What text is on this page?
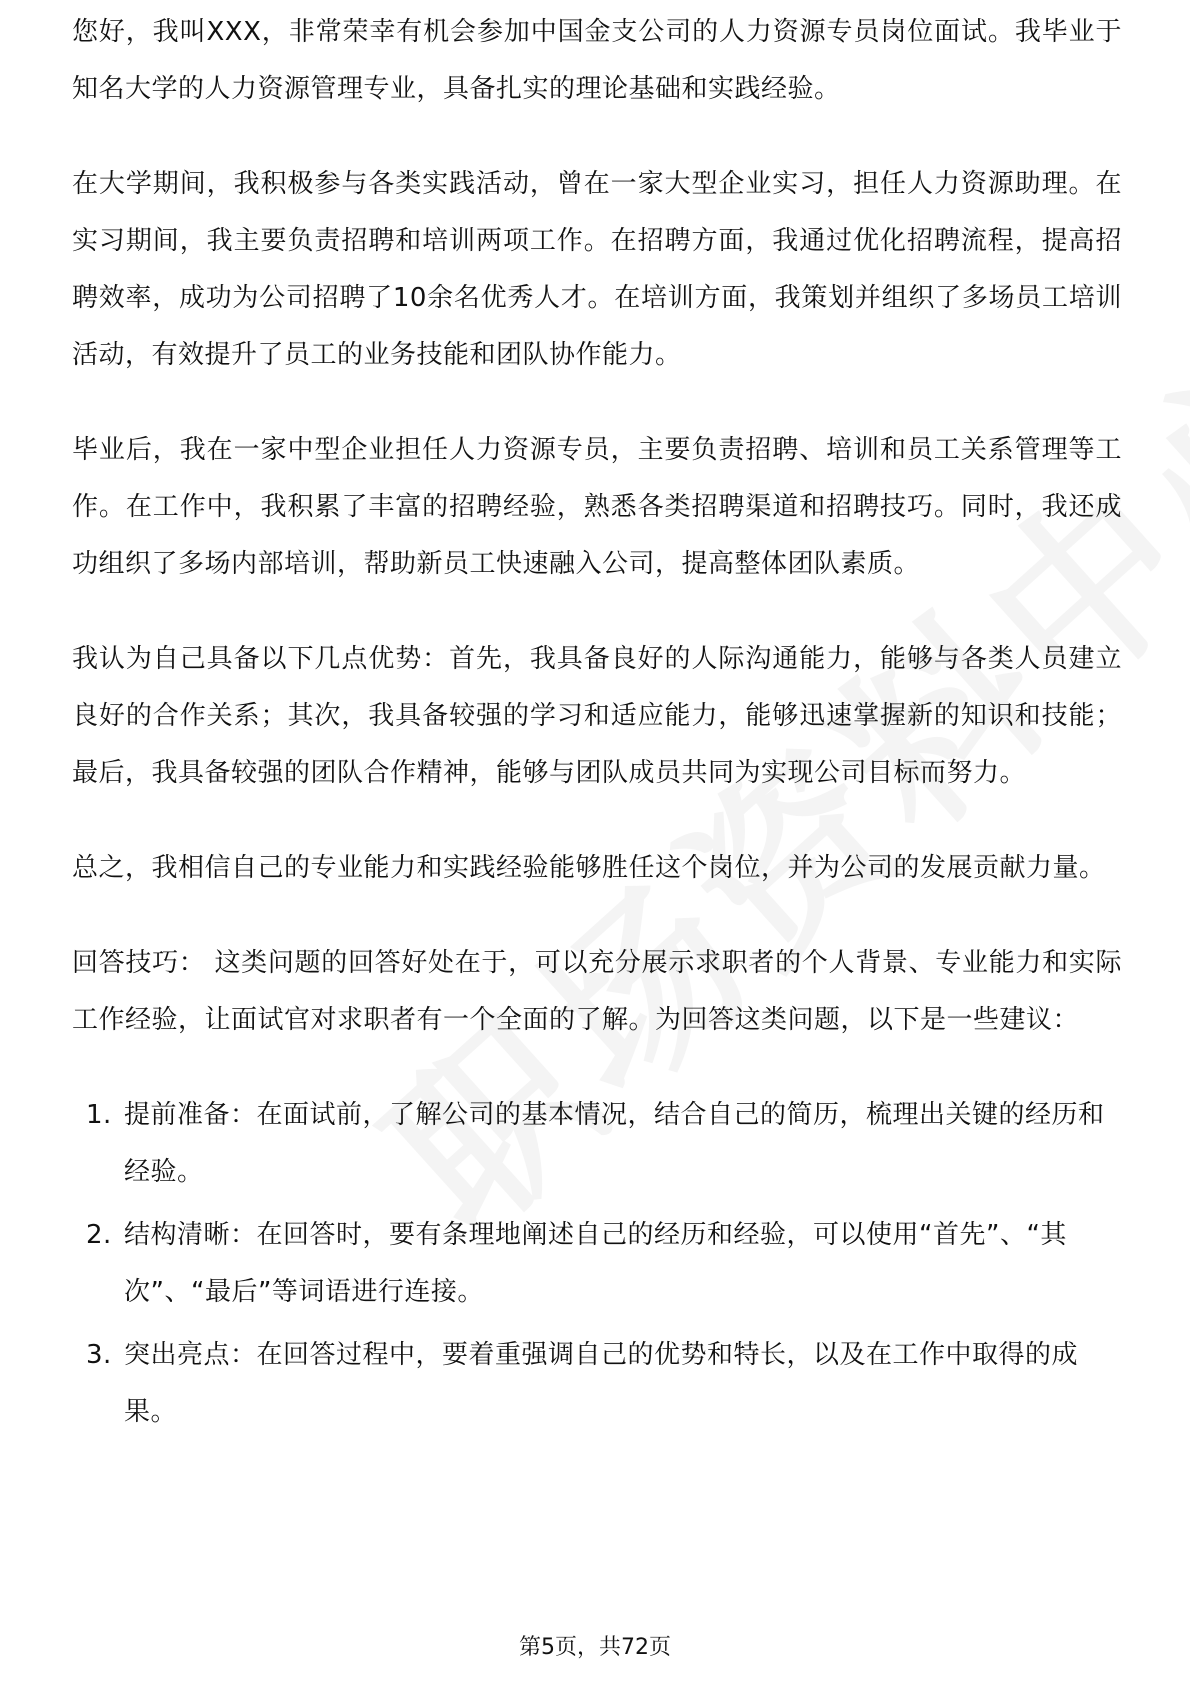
您好，我叫XXX，非常荣幸有机会参加中国金支公司的人力资源专员岗位面试。我毕业于知名大学的人力资源管理专业，具备扎实的理论基础和实践经验。

在大学期间，我积极参与各类实践活动，曾在一家大型企业实习，担任人力资源助理。在实习期间，我主要负责招聘和培训两项工作。在招聘方面，我通过优化招聘流程，提高招聘效率，成功为公司招聘了10余名优秀人才。在培训方面，我策划并组织了多场员工培训活动，有效提升了员工的业务技能和团队协作能力。

毕业后，我在一家中型企业担任人力资源专员，主要负责招聘、培训和员工关系管理等工作。在工作中，我积累了丰富的招聘经验，熟悉各类招聘渠道和招聘技巧。同时，我还成功组织了多场内部培训，帮助新员工快速融入公司，提高整体团队素质。

我认为自己具备以下几点优势：首先，我具备良好的人际沟通能力，能够与各类人员建立良好的合作关系；其次，我具备较强的学习和适应能力，能够迅速掌握新的知识和技能；最后，我具备较强的团队合作精神，能够与团队成员共同为实现公司目标而努力。

总之，我相信自己的专业能力和实践经验能够胜任这个岗位，并为公司的发展贡献力量。

回答技巧： 这类问题的回答好处在于，可以充分展示求职者的个人背景、专业能力和实际工作经验，让面试官对求职者有一个全面的了解。为回答这类问题，以下是一些建议：

1. 提前准备：在面试前，了解公司的基本情况，结合自己的简历，梳理出关键的经历和经验。
2. 结构清晰：在回答时，要有条理地阐述自己的经历和经验，可以使用“首先”、“其次”、“最后”等词语进行连接。
3. 突出亮点：在回答过程中，要着重强调自己的优势和特长，以及在工作中取得的成果。
第5页，共72页
